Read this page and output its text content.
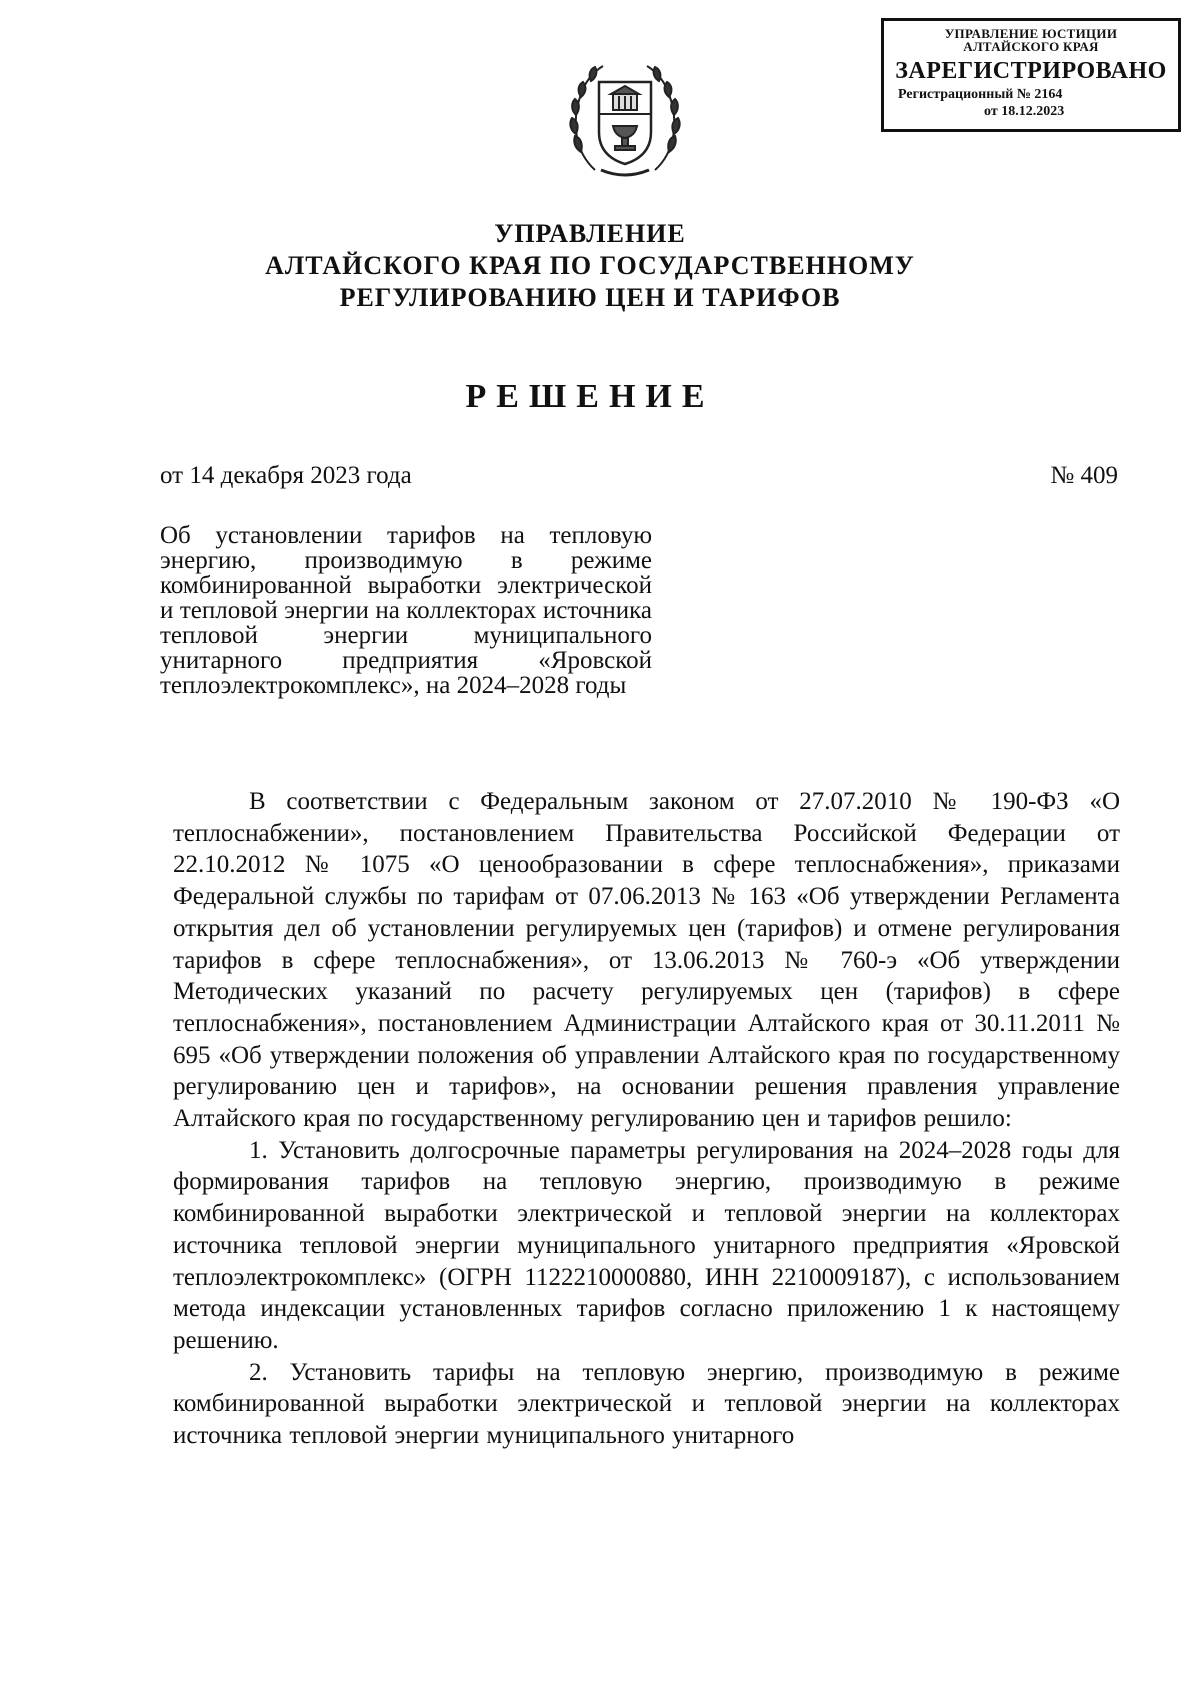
УПРАВЛЕНИЕ ЮСТИЦИИ
АЛТАЙСКОГО КРАЯ
ЗАРЕГИСТРИРОВАНО
Регистрационный № 2164
от 18.12.2023
УПРАВЛЕНИЕ
АЛТАЙСКОГО КРАЯ ПО ГОСУДАРСТВЕННОМУ
РЕГУЛИРОВАНИЮ ЦЕН И ТАРИФОВ
РЕШЕНИЕ
от 14 декабря 2023 года	№ 409
Об установлении тарифов на тепловую энергию, производимую в режиме комбинированной выработки электрической и тепловой энергии на коллекторах источника тепловой энергии муниципального унитарного предприятия «Яровской теплоэлектрокомплекс», на 2024–2028 годы

В соответствии с Федеральным законом от 27.07.2010 № 190-ФЗ «О теплоснабжении», постановлением Правительства Российской Федерации от 22.10.2012 № 1075 «О ценообразовании в сфере теплоснабжения», приказами Федеральной службы по тарифам от 07.06.2013 № 163 «Об утверждении Регламента открытия дел об установлении регулируемых цен (тарифов) и отмене регулирования тарифов в сфере теплоснабжения», от 13.06.2013 № 760-э «Об утверждении Методических указаний по расчету регулируемых цен (тарифов) в сфере теплоснабжения», постановлением Администрации Алтайского края от 30.11.2011 № 695 «Об утверждении положения об управлении Алтайского края по государственному регулированию цен и тарифов», на основании решения правления управление Алтайского края по государственному регулированию цен и тарифов решило:

1. Установить долгосрочные параметры регулирования на 2024–2028 годы для формирования тарифов на тепловую энергию, производимую в режиме комбинированной выработки электрической и тепловой энергии на коллекторах источника тепловой энергии муниципального унитарного предприятия «Яровской теплоэлектрокомплекс» (ОГРН 1122210000880, ИНН 2210009187), с использованием метода индексации установленных тарифов согласно приложению 1 к настоящему решению.

2. Установить тарифы на тепловую энергию, производимую в режиме комбинированной выработки электрической и тепловой энергии на коллекторах источника тепловой энергии муниципального унитарного
